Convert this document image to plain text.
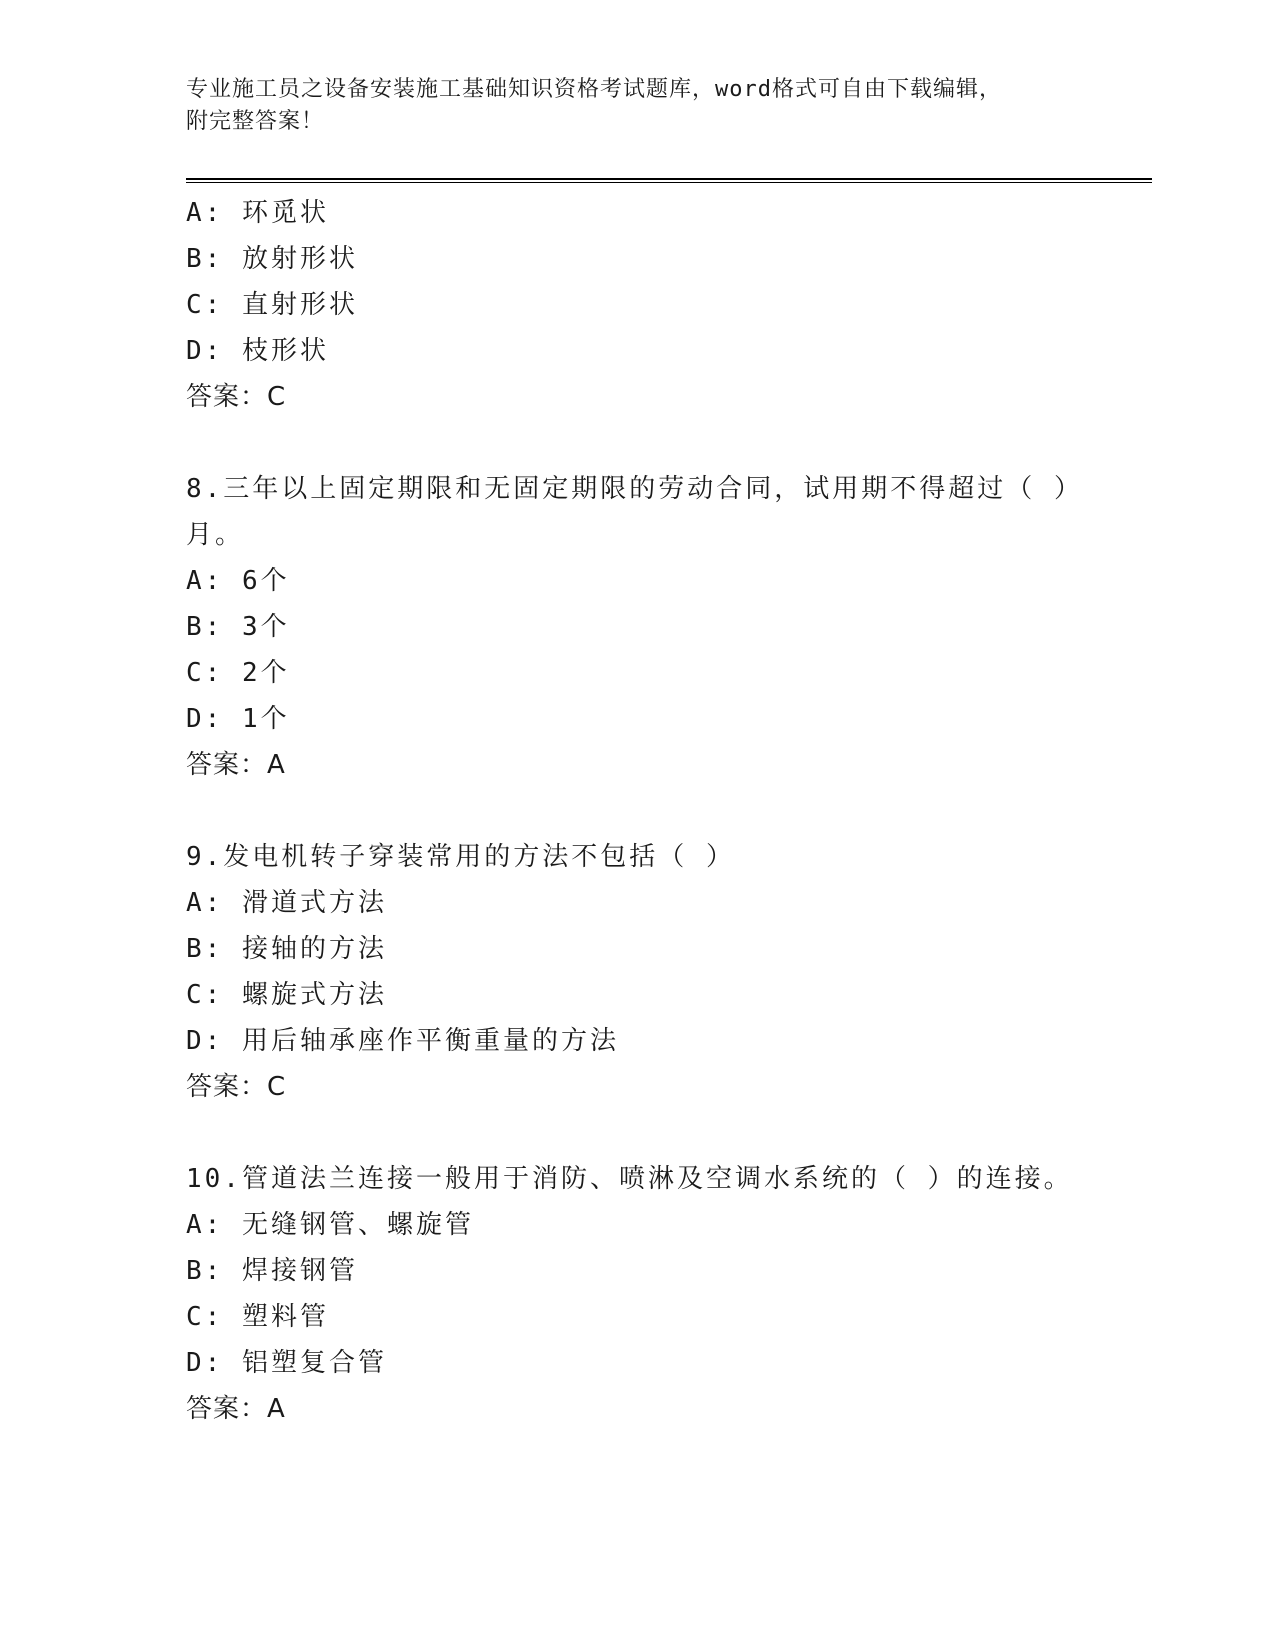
专业施工员之设备安装施工基础知识资格考试题库，word格式可自由下载编辑，
附完整答案！
A: 环觅状
B: 放射形状
C: 直射形状
D: 枝形状
答案：C
8.三年以上固定期限和无固定期限的劳动合同，试用期不得超过（ ）
月。
A: 6个
B: 3个
C: 2个
D: 1个
答案：A
9.发电机转子穿装常用的方法不包括（ ）
A: 滑道式方法
B: 接轴的方法
C: 螺旋式方法
D: 用后轴承座作平衡重量的方法
答案：C
10.管道法兰连接一般用于消防、喷淋及空调水系统的（ ）的连接。
A: 无缝钢管、螺旋管
B: 焊接钢管
C: 塑料管
D: 铝塑复合管
答案：A
